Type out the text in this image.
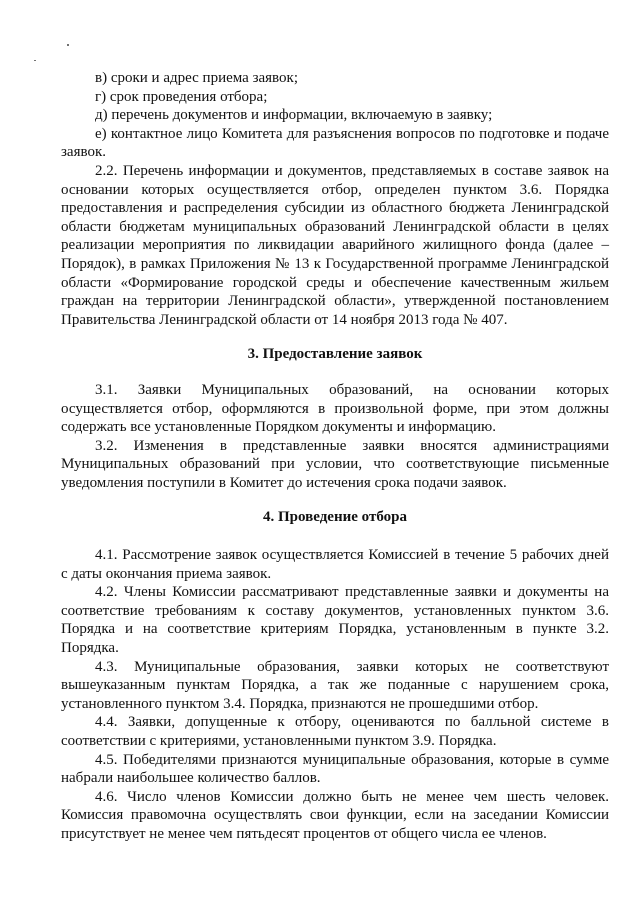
в) сроки и адрес приема заявок;

г) срок проведения отбора;

д) перечень документов и информации, включаемую в заявку;

е) контактное лицо Комитета для разъяснения вопросов по подготовке и подаче заявок.

2.2. Перечень информации и документов, представляемых в составе заявок на основании которых осуществляется отбор, определен пунктом 3.6. Порядка предоставления и распределения субсидии из областного бюджета Ленинградской области бюджетам муниципальных образований Ленинградской области в целях реализации мероприятия по ликвидации аварийного жилищного фонда (далее – Порядок), в рамках Приложения № 13 к Государственной программе Ленинградской области «Формирование городской среды и обеспечение качественным жильем граждан на территории Ленинградской области», утвержденной постановлением Правительства Ленинградской области от 14 ноября 2013 года № 407.

3. Предоставление заявок

3.1. Заявки Муниципальных образований, на основании которых осуществляется отбор, оформляются в произвольной форме, при этом должны содержать все установленные Порядком документы и информацию.

3.2. Изменения в представленные заявки вносятся администрациями Муниципальных образований при условии, что соответствующие письменные уведомления поступили в Комитет до истечения срока подачи заявок.

4. Проведение отбора

4.1. Рассмотрение заявок осуществляется Комиссией в течение 5 рабочих дней с даты окончания приема заявок.

4.2. Члены Комиссии рассматривают представленные заявки и документы на соответствие требованиям к составу документов, установленных пунктом 3.6. Порядка и на соответствие критериям Порядка, установленным в пункте 3.2. Порядка.

4.3. Муниципальные образования, заявки которых не соответствуют вышеуказанным пунктам Порядка, а так же поданные с нарушением срока, установленного пунктом 3.4. Порядка, признаются не прошедшими отбор.

4.4. Заявки, допущенные к отбору, оцениваются по балльной системе в соответствии с критериями, установленными пунктом 3.9. Порядка.

4.5. Победителями признаются муниципальные образования, которые в сумме набрали наибольшее количество баллов.

4.6. Число членов Комиссии должно быть не менее чем шесть человек. Комиссия правомочна осуществлять свои функции, если на заседании Комиссии присутствует не менее чем пятьдесят процентов от общего числа ее членов.
